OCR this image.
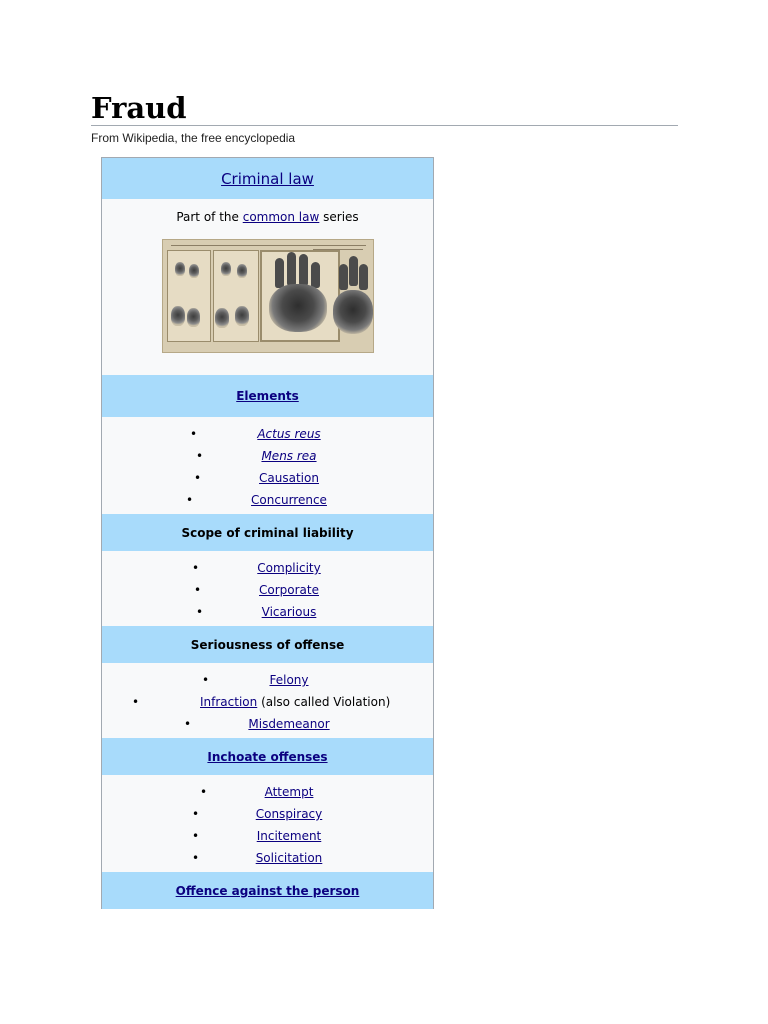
Fraud
From Wikipedia, the free encyclopedia
Criminal law
Part of the common law series
Elements
•	Actus reus
•	Mens rea
•	Causation
•	Concurrence
Scope of criminal liability
•	Complicity
•	Corporate
•	Vicarious
Seriousness of offense
•	Felony
•	Infraction (also called Violation)
•	Misdemeanor
Inchoate offenses
•	Attempt
•	Conspiracy
•	Incitement
•	Solicitation
Offence against the person
